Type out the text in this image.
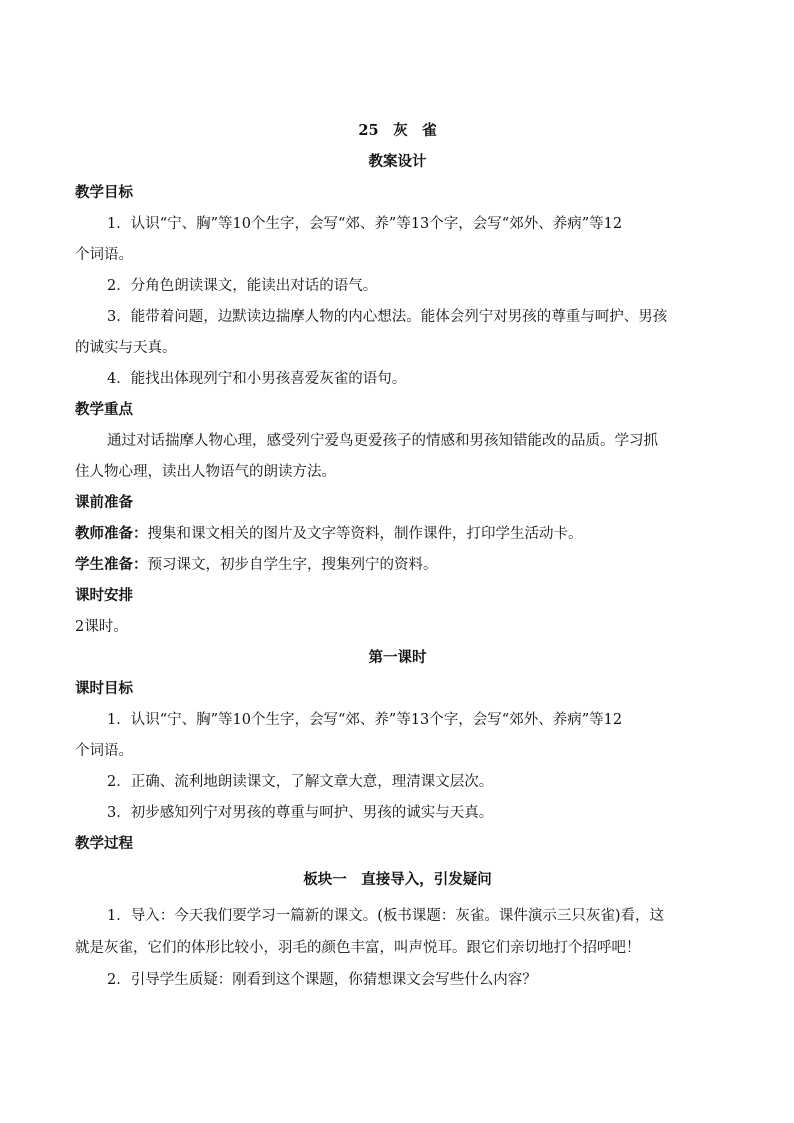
25　灰　雀
教案设计
教学目标
1．认识“宁、胸”等10个生字，会写“郊、养”等13个字，会写“郊外、养病”等12
个词语。
2．分角色朗读课文，能读出对话的语气。
3．能带着问题，边默读边揣摩人物的内心想法。能体会列宁对男孩的尊重与呵护、男孩
的诚实与天真。
4．能找出体现列宁和小男孩喜爱灰雀的语句。
教学重点
通过对话揣摩人物心理，感受列宁爱鸟更爱孩子的情感和男孩知错能改的品质。学习抓
住人物心理，读出人物语气的朗读方法。
课前准备
教师准备：搜集和课文相关的图片及文字等资料，制作课件，打印学生活动卡。
学生准备：预习课文，初步自学生字，搜集列宁的资料。
课时安排
2课时。
第一课时
课时目标
1．认识“宁、胸”等10个生字，会写“郊、养”等13个字，会写“郊外、养病”等12
个词语。
2．正确、流利地朗读课文，了解文章大意，理清课文层次。
3．初步感知列宁对男孩的尊重与呵护、男孩的诚实与天真。
教学过程
板块一　直接导入，引发疑问
1．导入：今天我们要学习一篇新的课文。(板书课题：灰雀。课件演示三只灰雀)看，这
就是灰雀，它们的体形比较小，羽毛的颜色丰富，叫声悦耳。跟它们亲切地打个招呼吧！
2．引导学生质疑：刚看到这个课题，你猜想课文会写些什么内容？
